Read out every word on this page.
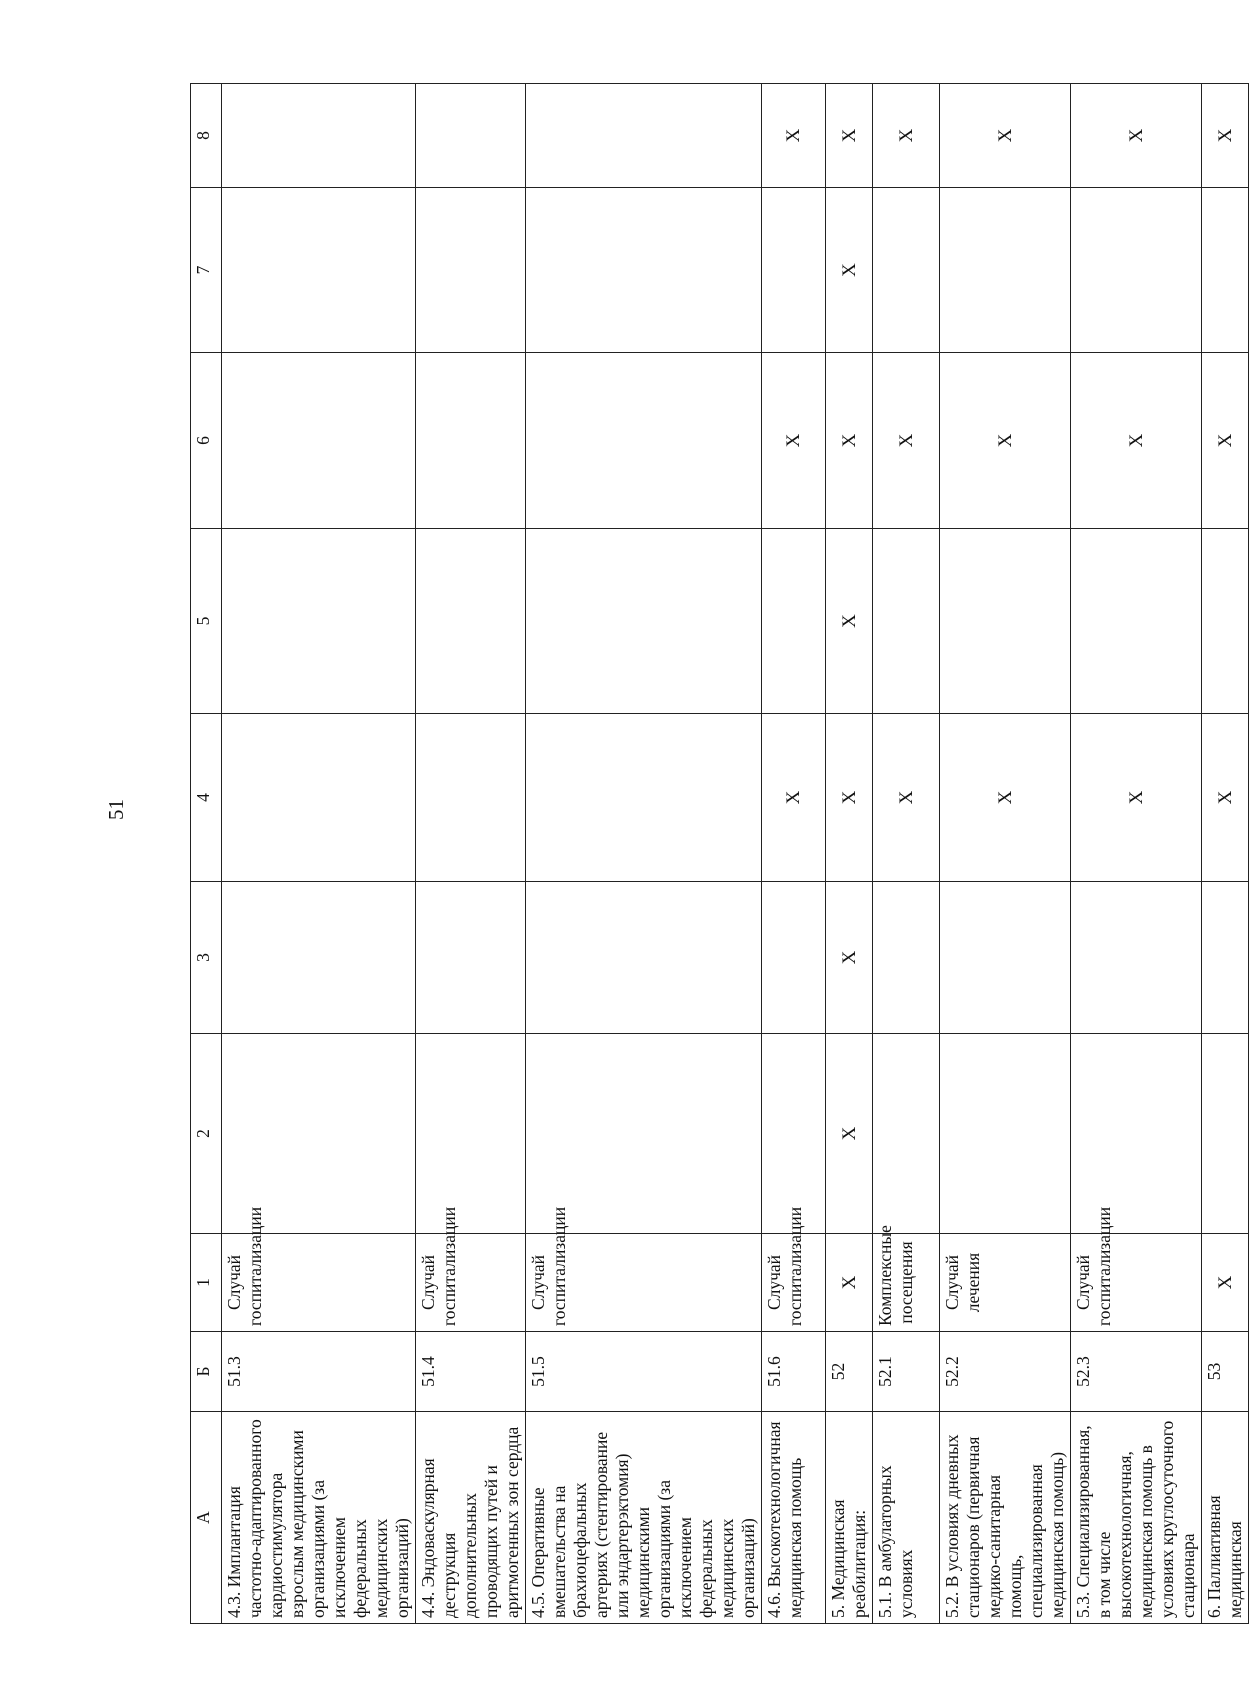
51
А	Б	1	2	3	4	5	6	7	8
4.3. Имплантация частотно-адаптированного кардиостимулятора взрослым медицинскими организациями (за исключением федеральных медицинских организаций)	51.3	Случай госпитализации							
4.4. Эндоваскулярная деструкция дополнительных проводящих путей и аритмогенных зон сердца	51.4	Случай госпитализации							
4.5. Оперативные вмешательства на брахиоцефальных артериях (стентирование или эндартерэктомия) медицинскими организациями (за исключением федеральных медицинских организаций)	51.5	Случай госпитализации							
4.6. Высокотехнологичная медицинская помощь	51.6	Случай госпитализации			X		X		X
5. Медицинская реабилитация:	52	X	X	X	X	X	X	X	X
5.1. В амбулаторных условиях	52.1	Комплексные посещения			X		X		X
5.2. В условиях дневных стационаров (первичная медико-санитарная помощь, специализированная медицинская помощь)	52.2	Случай лечения			X		X		X
5.3. Специализированная, в том числе высокотехнологичная, медицинская помощь в условиях круглосуточного стационара	52.3	Случай госпитализации			X		X		X
6. Паллиативная медицинская	53	X			X		X		X
